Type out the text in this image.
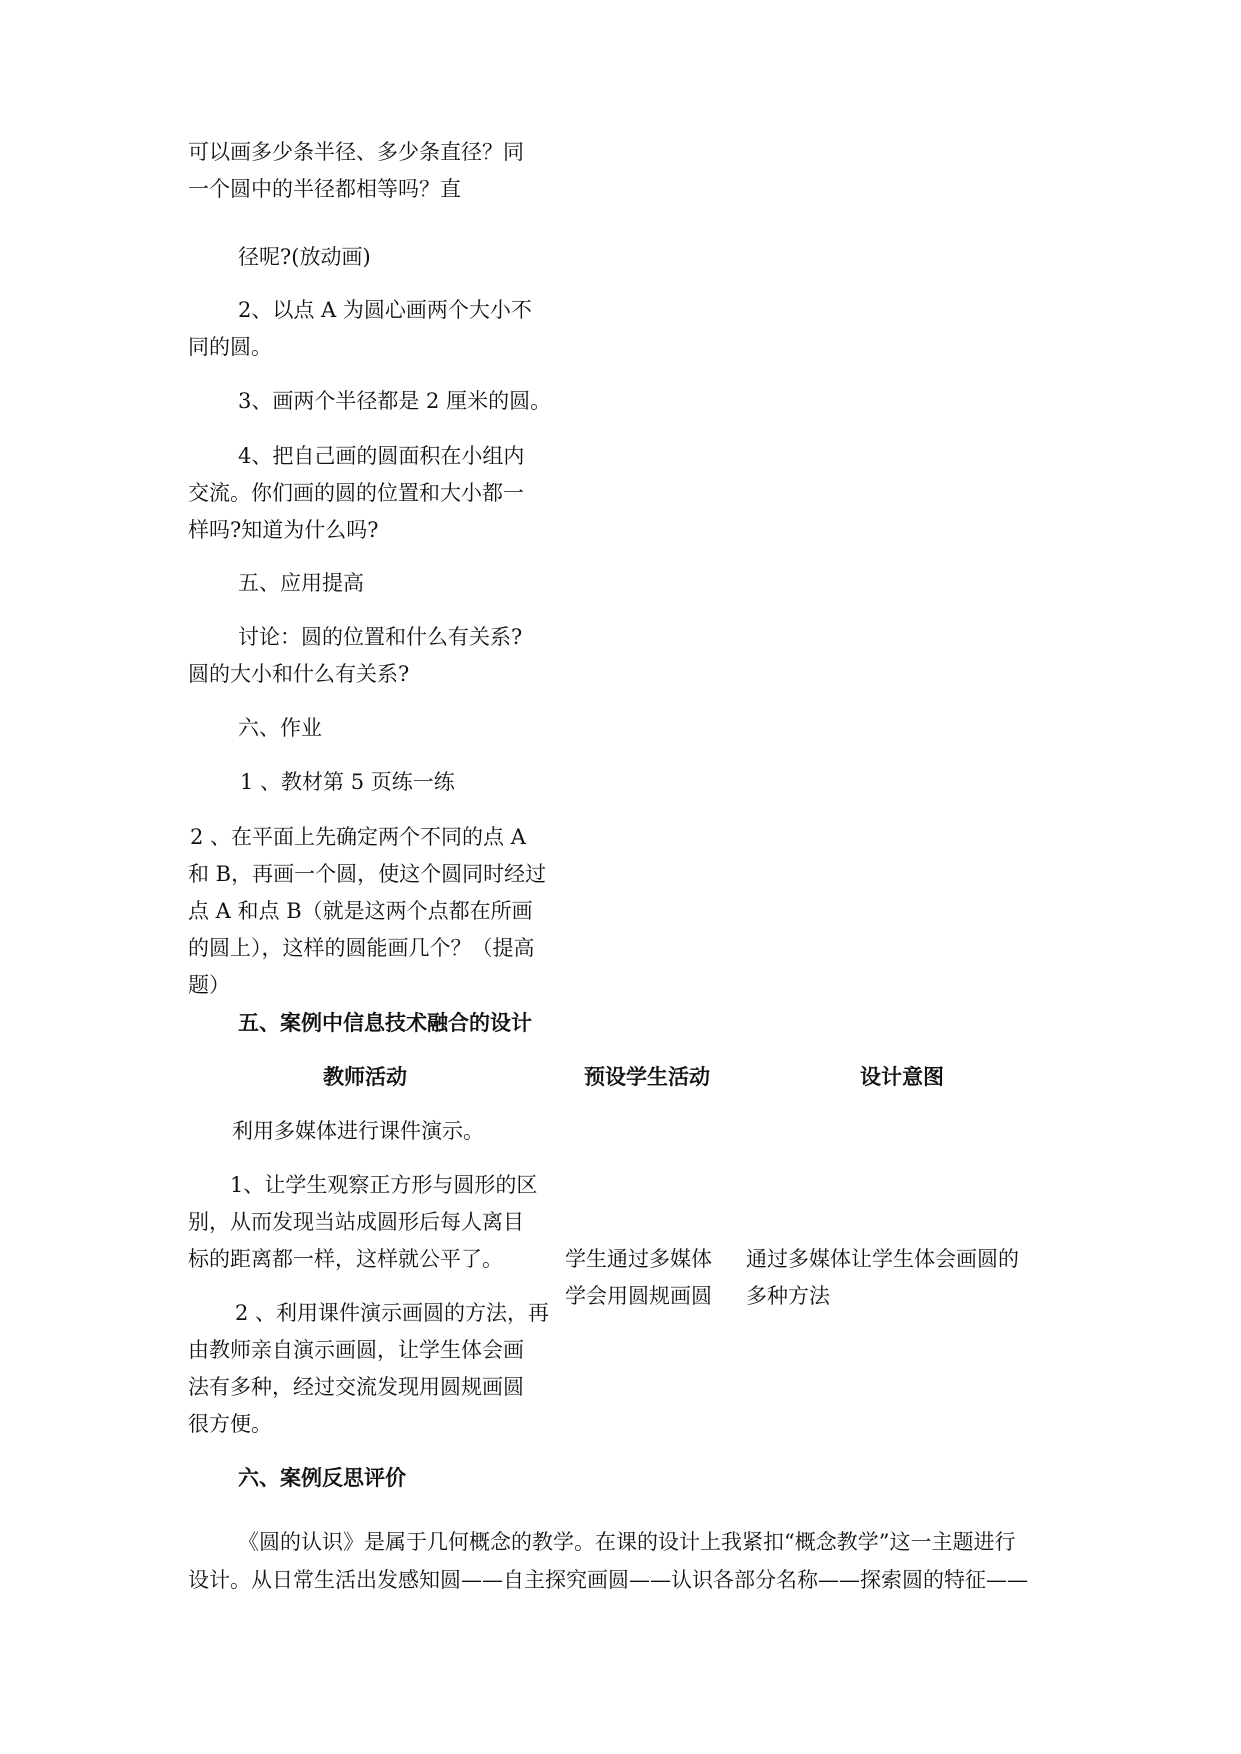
可以画多少条半径、多少条直径？同
一个圆中的半径都相等吗？直
径呢?(放动画)
2、以点 A 为圆心画两个大小不
同的圆。
3、画两个半径都是 2 厘米的圆。
4、把自己画的圆面积在小组内
交流。你们画的圆的位置和大小都一
样吗?知道为什么吗?
五、应用提高
讨论：圆的位置和什么有关系?
圆的大小和什么有关系?
六、作业
1 、教材第 5 页练一练
2 、在平面上先确定两个不同的点 A
和 B，再画一个圆，使这个圆同时经过
点 A 和点 B（就是这两个点都在所画
的圆上），这样的圆能画几个？（提高
题）
五、案例中信息技术融合的设计
教师活动	预设学生活动	设计意图
利用多媒体进行课件演示。
1、让学生观察正方形与圆形的区
别，从而发现当站成圆形后每人离目
标的距离都一样，这样就公平了。
2 、利用课件演示画圆的方法，再
由教师亲自演示画圆，让学生体会画
法有多种，经过交流发现用圆规画圆
很方便。
学生通过多媒体
学会用圆规画圆
通过多媒体让学生体会画圆的
多种方法
六、案例反思评价
《圆的认识》是属于几何概念的教学。在课的设计上我紧扣“概念教学”这一主题进行
设计。从日常生活出发感知圆——自主探究画圆——认识各部分名称——探索圆的特征——
